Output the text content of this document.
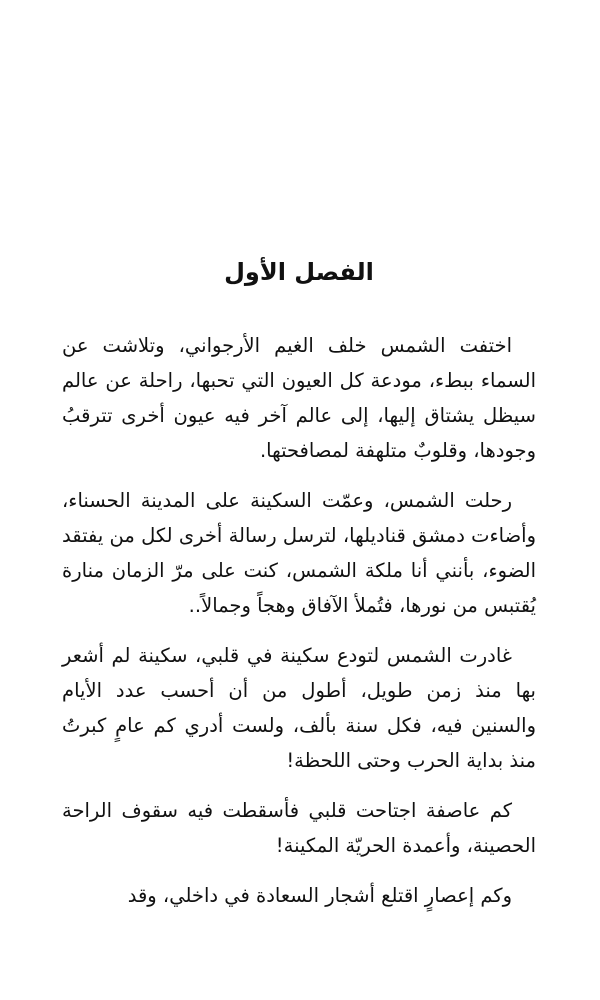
الفصل الأول

اختفت الشمس خلف الغيم الأرجواني، وتلاشت عن السماء ببطء، مودعة كل العيون التي تحبها، راحلة عن عالم سيظل يشتاق إليها، إلى عالم آخر فيه عيون أخرى تترقبُ وجودها، وقلوبٌ متلهفة لمصافحتها.

رحلت الشمس، وعمّت السكينة على المدينة الحسناء، وأضاءت دمشق قناديلها، لترسل رسالة أخرى لكل من يفتقد الضوء، بأنني أنا ملكة الشمس، كنت على مرّ الزمان منارة يُقتبس من نورها، فتُملأ الآفاق وهجاً وجمالاً..

غادرت الشمس لتودع سكينة في قلبي، سكينة لم أشعر بها منذ زمن طويل، أطول من أن أحسب عدد الأيام والسنين فيه، فكل سنة بألف، ولست أدري كم عامٍ كبرتُ منذ بداية الحرب وحتى اللحظة!

كم عاصفة اجتاحت قلبي فأسقطت فيه سقوف الراحة الحصينة، وأعمدة الحريّة المكينة!

وكم إعصارٍ اقتلع أشجار السعادة في داخلي، وقد
